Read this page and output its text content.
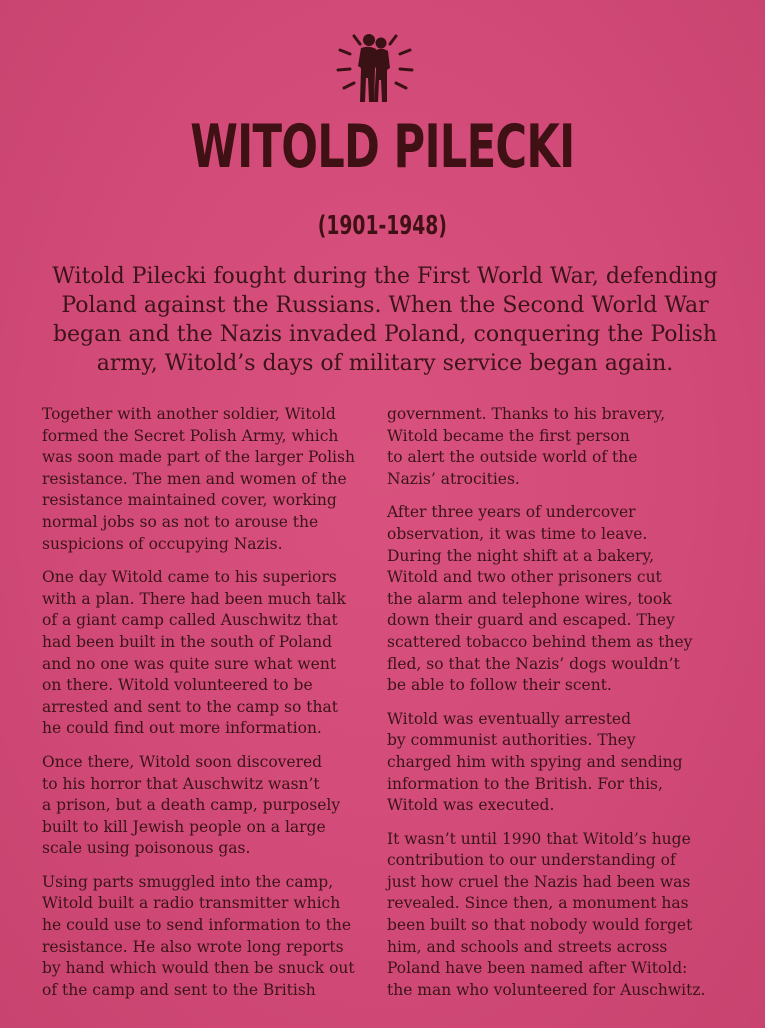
WITOLD PILECKI
(1901-1948)
Witold Pilecki fought during the First World War, defending
Poland against the Russians. When the Second World War
began and the Nazis invaded Poland, conquering the Polish
army, Witold’s days of military service began again.
Together with another soldier, Witold
formed the Secret Polish Army, which
was soon made part of the larger Polish
resistance. The men and women of the
resistance maintained cover, working
normal jobs so as not to arouse the
suspicions of occupying Nazis.
One day Witold came to his superiors
with a plan. There had been much talk
of a giant camp called Auschwitz that
had been built in the south of Poland
and no one was quite sure what went
on there. Witold volunteered to be
arrested and sent to the camp so that
he could find out more information.
Once there, Witold soon discovered
to his horror that Auschwitz wasn’t
a prison, but a death camp, purposely
built to kill Jewish people on a large
scale using poisonous gas.
Using parts smuggled into the camp,
Witold built a radio transmitter which
he could use to send information to the
resistance. He also wrote long reports
by hand which would then be snuck out
of the camp and sent to the British
government. Thanks to his bravery,
Witold became the first person
to alert the outside world of the
Nazis’ atrocities.
After three years of undercover
observation, it was time to leave.
During the night shift at a bakery,
Witold and two other prisoners cut
the alarm and telephone wires, took
down their guard and escaped. They
scattered tobacco behind them as they
fled, so that the Nazis’ dogs wouldn’t
be able to follow their scent.
Witold was eventually arrested
by communist authorities. They
charged him with spying and sending
information to the British. For this,
Witold was executed.
It wasn’t until 1990 that Witold’s huge
contribution to our understanding of
just how cruel the Nazis had been was
revealed. Since then, a monument has
been built so that nobody would forget
him, and schools and streets across
Poland have been named after Witold:
the man who volunteered for Auschwitz.
